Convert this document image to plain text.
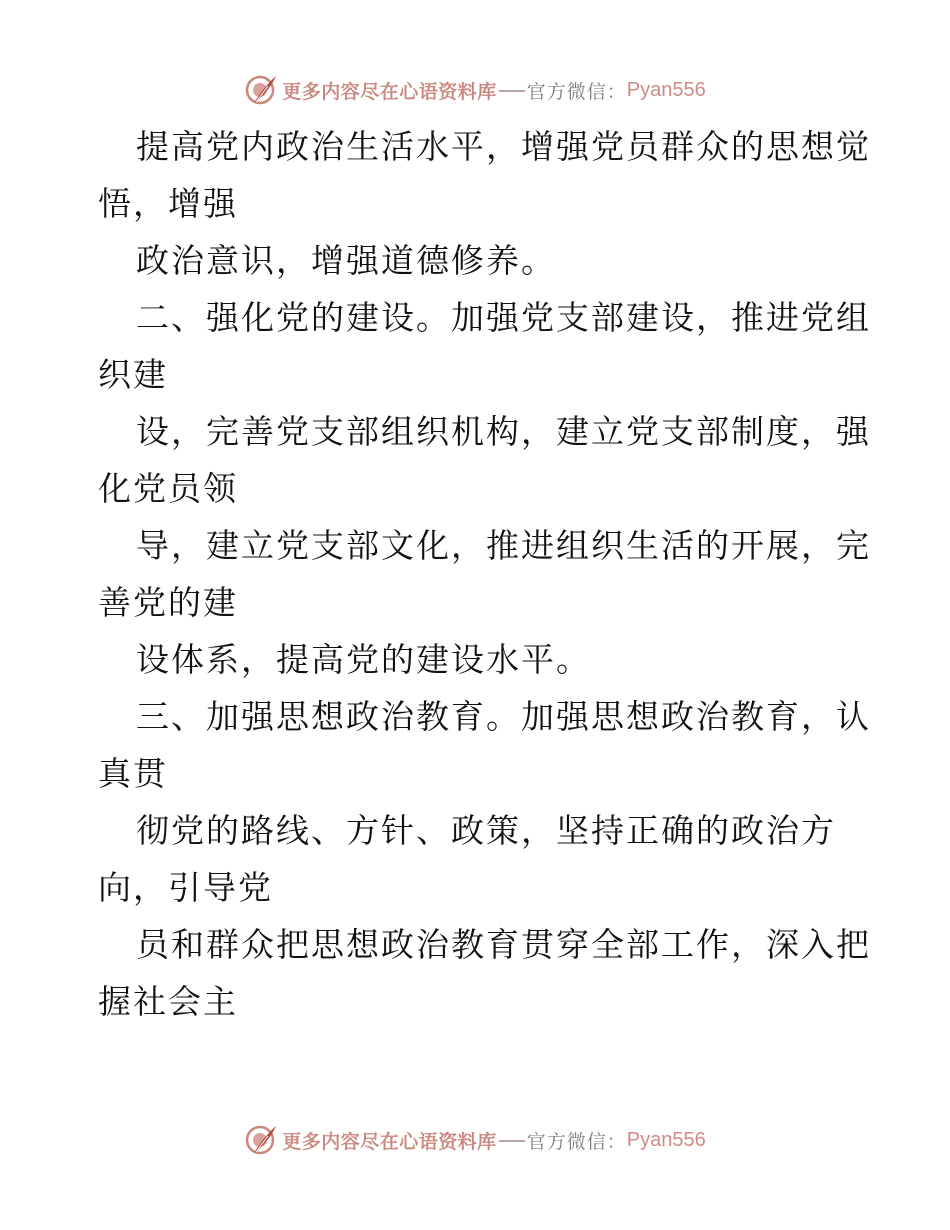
更多内容尽在心语资料库 官方微信： Pyan556
提高党内政治生活水平，增强党员群众的思想觉
悟，增强
政治意识，增强道德修养。
二、强化党的建设。加强党支部建设，推进党组
织建
设，完善党支部组织机构，建立党支部制度，强
化党员领
导，建立党支部文化，推进组织生活的开展，完
善党的建
设体系，提高党的建设水平。
三、加强思想政治教育。加强思想政治教育，认
真贯
彻党的路线、方针、政策，坚持正确的政治方
向，引导党
员和群众把思想政治教育贯穿全部工作，深入把
握社会主
更多内容尽在心语资料库 官方微信： Pyan556
